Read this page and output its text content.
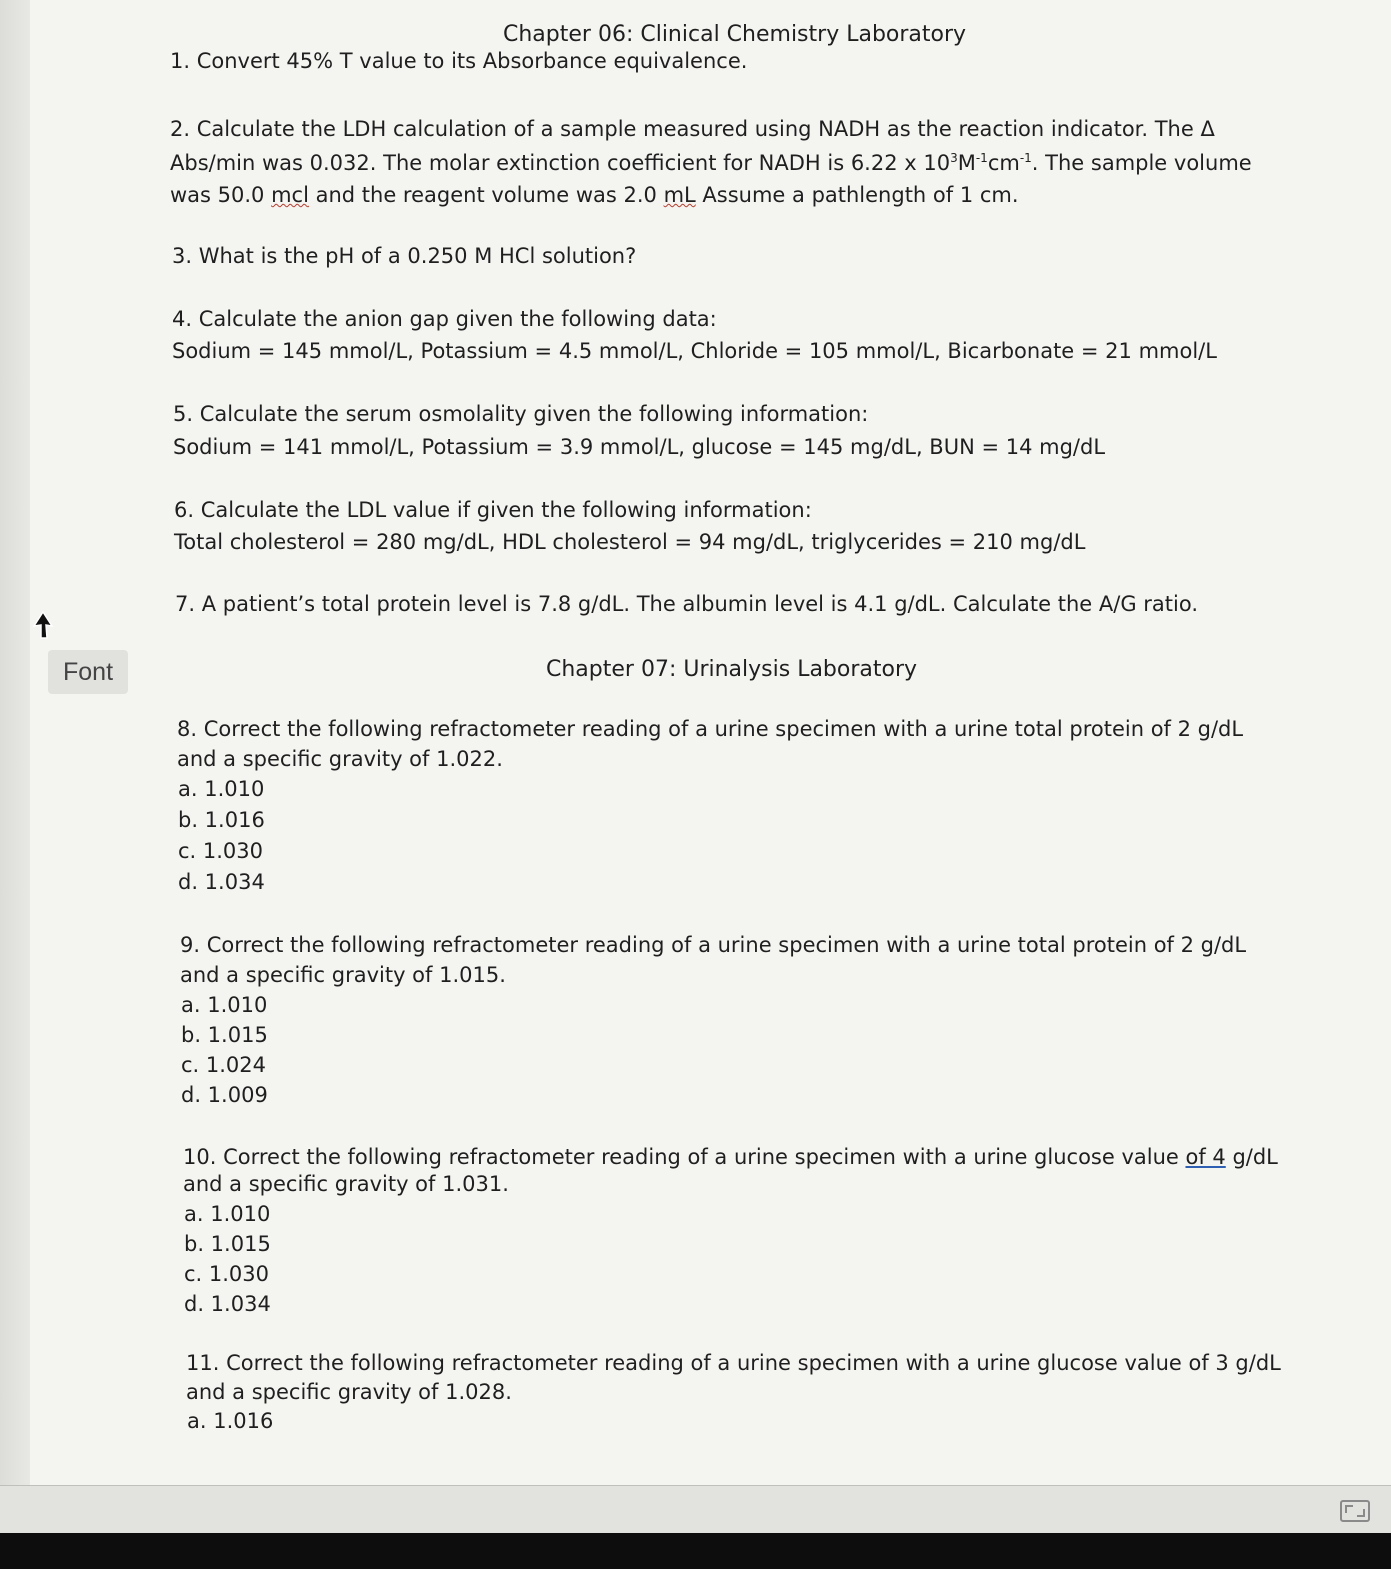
Font
Chapter 06: Clinical Chemistry Laboratory
1. Convert 45% T value to its Absorbance equivalence.
2. Calculate the LDH calculation of a sample measured using NADH as the reaction indicator. The Δ
Abs/min was 0.032. The molar extinction coefficient for NADH is 6.22 x $10^3M^{-1}cm^{-1}$. The sample volume
was 50.0 mcl and the reagent volume was 2.0 mL Assume a pathlength of 1 cm.
3. What is the pH of a 0.250 M HCl solution?
4. Calculate the anion gap given the following data:
Sodium = 145 mmol/L, Potassium = 4.5 mmol/L, Chloride = 105 mmol/L, Bicarbonate = 21 mmol/L
5. Calculate the serum osmolality given the following information:
Sodium = 141 mmol/L, Potassium = 3.9 mmol/L, glucose = 145 mg/dL, BUN = 14 mg/dL
6. Calculate the LDL value if given the following information:
Total cholesterol = 280 mg/dL, HDL cholesterol = 94 mg/dL, triglycerides = 210 mg/dL
7. A patient’s total protein level is 7.8 g/dL. The albumin level is 4.1 g/dL. Calculate the A/G ratio.
Chapter 07: Urinalysis Laboratory
8. Correct the following refractometer reading of a urine specimen with a urine total protein of 2 g/dL
and a specific gravity of 1.022.
a. 1.010
b. 1.016
c. 1.030
d. 1.034
9. Correct the following refractometer reading of a urine specimen with a urine total protein of 2 g/dL
and a specific gravity of 1.015.
a. 1.010
b. 1.015
c. 1.024
d. 1.009
10. Correct the following refractometer reading of a urine specimen with a urine glucose value of 4 g/dL
and a specific gravity of 1.031.
a. 1.010
b. 1.015
c. 1.030
d. 1.034
11. Correct the following refractometer reading of a urine specimen with a urine glucose value of 3 g/dL
and a specific gravity of 1.028.
a. 1.016
